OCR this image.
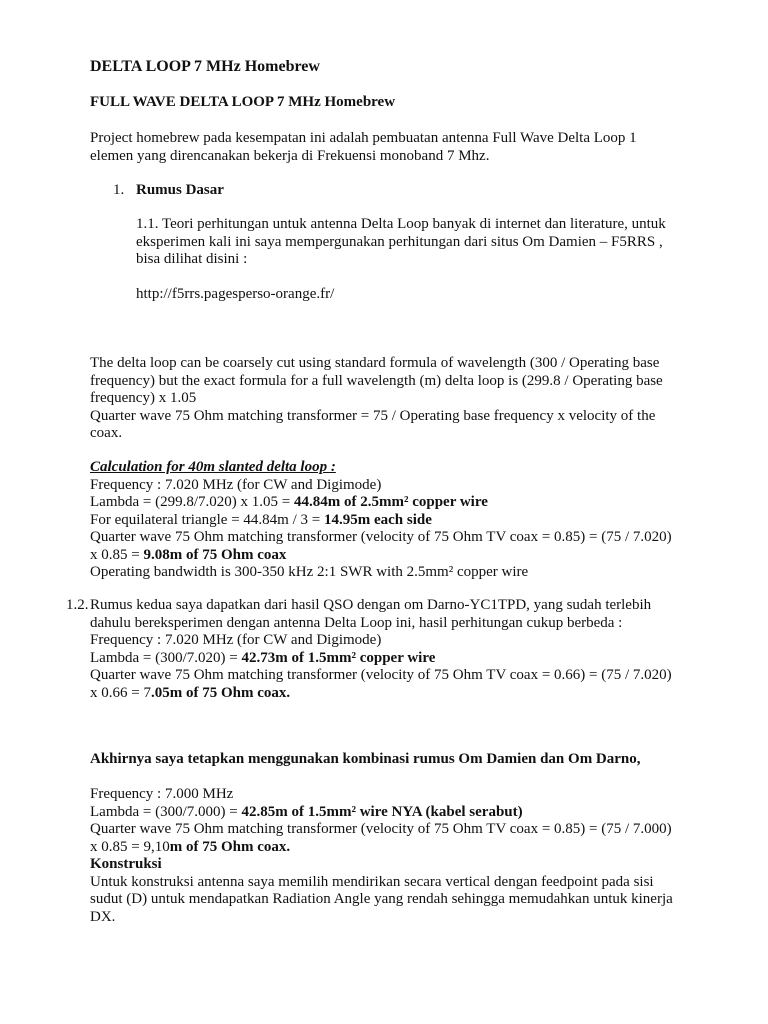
DELTA LOOP 7 MHz Homebrew
FULL WAVE DELTA LOOP 7 MHz Homebrew
Project homebrew pada kesempatan ini adalah pembuatan antenna Full Wave Delta Loop 1
elemen yang direncanakan bekerja di Frekuensi monoband 7 Mhz.
1. Rumus Dasar
1.1. Teori perhitungan untuk antenna Delta Loop banyak di internet dan literature, untuk
eksperimen kali ini saya mempergunakan perhitungan dari situs Om Damien – F5RRS ,
bisa dilihat disini :
http://f5rrs.pagesperso-orange.fr/
The delta loop can be coarsely cut using standard formula of wavelength (300 / Operating base
frequency) but the exact formula for a full wavelength (m) delta loop is (299.8 / Operating base
frequency) x 1.05
Quarter wave 75 Ohm matching transformer = 75 / Operating base frequency x velocity of the
coax.
Calculation for 40m slanted delta loop :
Frequency : 7.020 MHz (for CW and Digimode)
Lambda = (299.8/7.020) x 1.05 = 44.84m of 2.5mm² copper wire
For equilateral triangle = 44.84m / 3 = 14.95m each side
Quarter wave 75 Ohm matching transformer (velocity of 75 Ohm TV coax = 0.85) = (75 / 7.020)
x 0.85 = 9.08m of 75 Ohm coax
Operating bandwidth is 300-350 kHz 2:1 SWR with 2.5mm² copper wire
1.2. Rumus kedua saya dapatkan dari hasil QSO dengan om Darno-YC1TPD, yang sudah terlebih
dahulu bereksperimen dengan antenna Delta Loop ini, hasil perhitungan cukup berbeda :
Frequency : 7.020 MHz (for CW and Digimode)
Lambda = (300/7.020) = 42.73m of 1.5mm² copper wire
Quarter wave 75 Ohm matching transformer (velocity of 75 Ohm TV coax = 0.66) = (75 / 7.020)
x 0.66 = 7.05m of 75 Ohm coax.
Akhirnya saya tetapkan menggunakan kombinasi rumus Om Damien dan Om Darno,
Frequency : 7.000 MHz
Lambda = (300/7.000) = 42.85m of 1.5mm² wire NYA (kabel serabut)
Quarter wave 75 Ohm matching transformer (velocity of 75 Ohm TV coax = 0.85) = (75 / 7.000)
x 0.85 = 9,10m of 75 Ohm coax.
Konstruksi
Untuk konstruksi antenna saya memilih mendirikan secara vertical dengan feedpoint pada sisi
sudut (D) untuk mendapatkan Radiation Angle yang rendah sehingga memudahkan untuk kinerja
DX.
